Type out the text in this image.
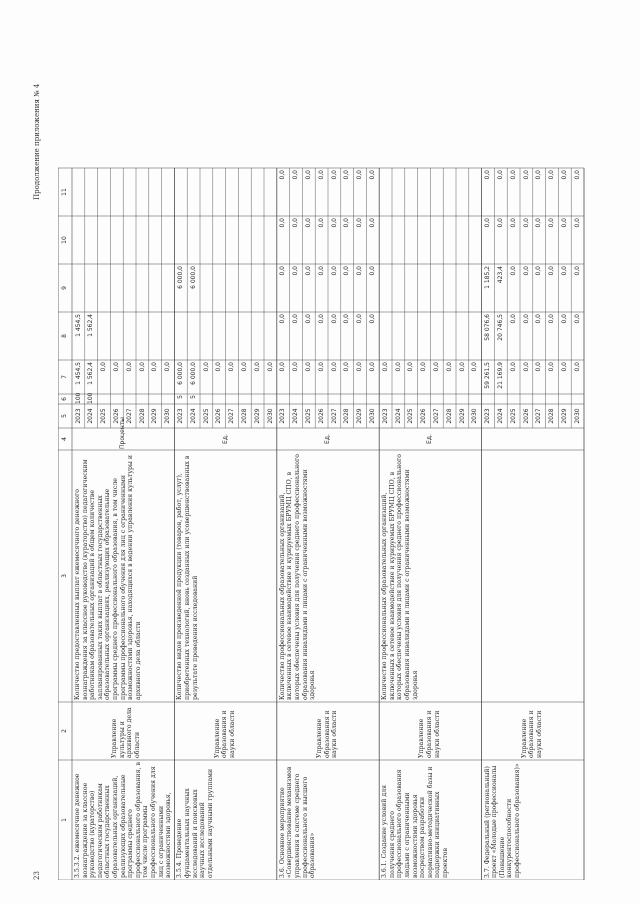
23
Продолжение приложения № 4
1
2
3
4
5
6
7
8
9
10
11
3.5.3.2. ежемесячное денежное вознаграждение за классное руководство (кураторство) педагогическим работникам областных государственных образовательных организаций, реализующих образовательные программы среднего профессионального образования, в том числе программы профессионального обучения для лиц с ограниченными возможностями здоровья,
Управление культуры и архивного дела области
Количество предоставленных выплат ежемесячного денежного вознаграждения за классное руководство (кураторство) педагогическим работникам образовательных организаций в общем количестве запланированных таких выплат в областных государственных образовательных организациях, реализующих образовательные программы среднего профессионального образования, в том числе программы профессионального обучения для лиц с ограниченными возможностями здоровья, находящихся в ведении управления культуры и архивного дела области
Проценты
2023
100
1 454,5
1 454,5
2024
100
1 562,4
1 562,4
2025
0,0
2026
0,0
2027
0,0
2028
0,0
2029
0,0
2030
0,0
3.5.4. Проведение фундаментальных научных исследований и поисковых научных исследований отдельными научными группами
Управление образования и науки области
Количество видов произведенной продукции (товаров, работ, услуг), приобретенных технологий, вновь созданных или усовершенствованных в результате проведения исследований
Ед.
2023
5
6 000,0
6 000,0
2024
5
6 000,0
6 000,0
2025
0,0
2026
0,0
2027
0,0
2028
0,0
2029
0,0
2030
0,0
3.6. Основное мероприятие «Совершенствование механизмов управления в системе среднего профессионального и высшего образования»
Управление образования и науки области
Количество профессиональных образовательных организаций, включенных в сетевое взаимодействие и курируемых БРУМЦ СПО, в которых обеспечены условия для получения среднего профессионального образования инвалидами и лицами с ограниченными возможностями здоровья
Ед.
2023
0,0
0,0
0,0
0,0
0,0
2024
0,0
0,0
0,0
0,0
0,0
2025
0,0
0,0
0,0
0,0
0,0
2026
0,0
0,0
0,0
0,0
0,0
2027
0,0
0,0
0,0
0,0
0,0
2028
0,0
0,0
0,0
0,0
0,0
2029
0,0
0,0
0,0
0,0
0,0
2030
0,0
0,0
0,0
0,0
0,0
3.6.1. Создание условий для получения среднего профессионального образования людьми с ограниченными возможностями здоровья посредством разработки нормативно-методической базы и поддержки инициативных проектов
Управление образования и науки области
Количество профессиональных образовательных организаций, включенных в сетевое взаимодействие и курируемых БРУМЦ СПО, в которых обеспечены условия для получения среднего профессионального образования инвалидами и лицами с ограниченными возможностями здоровья
Ед.
2023
0,0
2024
0,0
2025
0,0
2026
0,0
2027
0,0
2028
0,0
2029
0,0
2030
0,0
3.7. Федеральный (региональный) проект «Молодые профессионалы (Повышение конкурентоспособности профессионального образования)»
Управление образования и науки области
2023
59 261,5
58 076,6
1 185,2
0,0
0,0
2024
21 169,9
20 746,5
423,4
0,0
0,0
2025
0,0
0,0
0,0
0,0
0,0
2026
0,0
0,0
0,0
0,0
0,0
2027
0,0
0,0
0,0
0,0
0,0
2028
0,0
0,0
0,0
0,0
0,0
2029
0,0
0,0
0,0
0,0
0,0
2030
0,0
0,0
0,0
0,0
0,0
